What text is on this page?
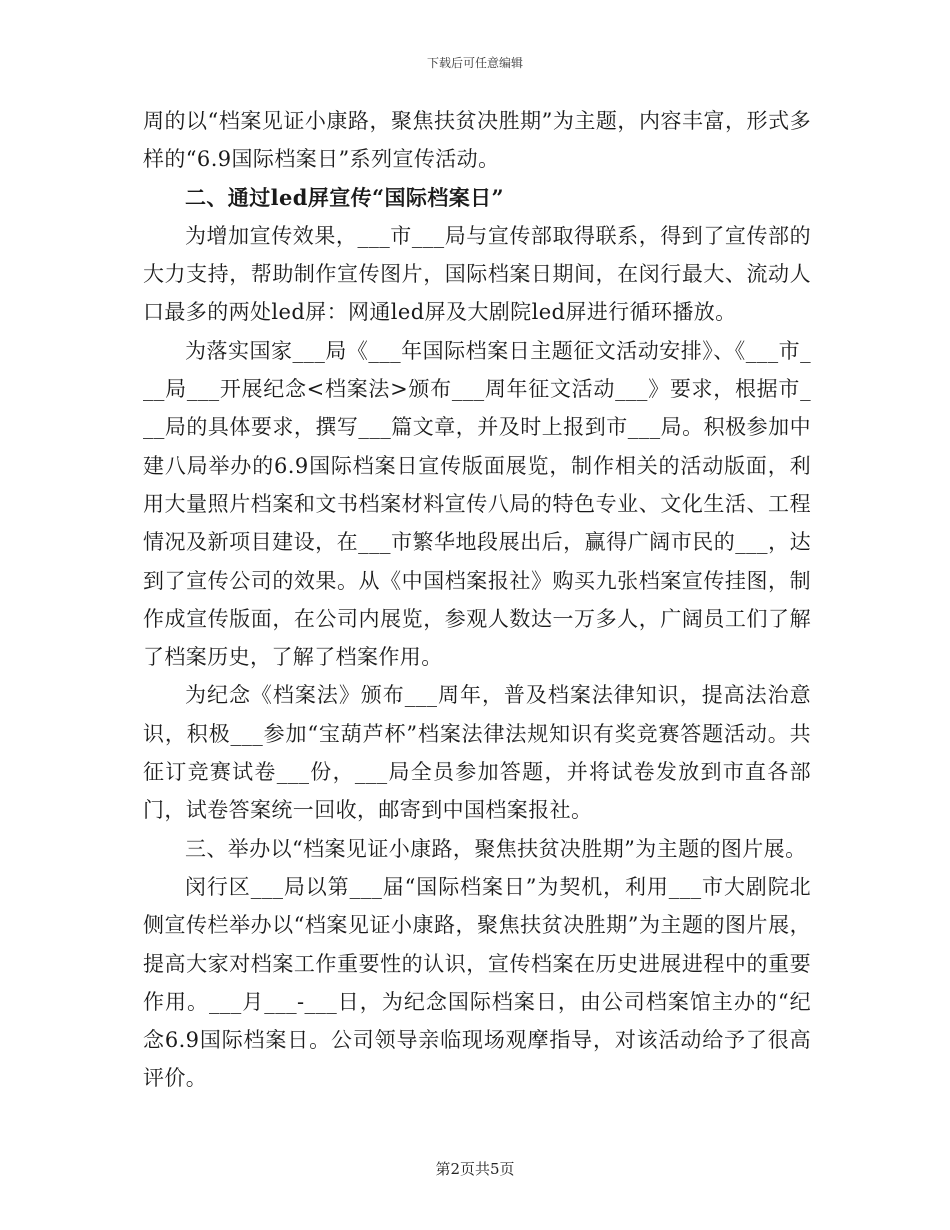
下载后可任意编辑

周的以“档案见证小康路，聚焦扶贫决胜期”为主题，内容丰富，形式多样的“6.9国际档案日”系列宣传活动。

二、通过led屏宣传“国际档案日”

为增加宣传效果，___市___局与宣传部取得联系，得到了宣传部的大力支持，帮助制作宣传图片，国际档案日期间，在闵行最大、流动人口最多的两处led屏：网通led屏及大剧院led屏进行循环播放。

为落实国家___局《___年国际档案日主题征文活动安排》、《___市___局___开展纪念<档案法>颁布___周年征文活动___》要求，根据市___局的具体要求，撰写___篇文章，并及时上报到市___局。积极参加中建八局举办的6.9国际档案日宣传版面展览，制作相关的活动版面，利用大量照片档案和文书档案材料宣传八局的特色专业、文化生活、工程情况及新项目建设，在___市繁华地段展出后，赢得广阔市民的___，达到了宣传公司的效果。从《中国档案报社》购买九张档案宣传挂图，制作成宣传版面，在公司内展览，参观人数达一万多人，广阔员工们了解了档案历史，了解了档案作用。

为纪念《档案法》颁布___周年，普及档案法律知识，提高法治意识，积极___参加“宝葫芦杯”档案法律法规知识有奖竞赛答题活动。共征订竞赛试卷___份，___局全员参加答题，并将试卷发放到市直各部门，试卷答案统一回收，邮寄到中国档案报社。

三、举办以“档案见证小康路，聚焦扶贫决胜期”为主题的图片展。

闵行区___局以第___届“国际档案日”为契机，利用___市大剧院北侧宣传栏举办以“档案见证小康路，聚焦扶贫决胜期”为主题的图片展，提高大家对档案工作重要性的认识，宣传档案在历史进展进程中的重要作用。___月___-___日，为纪念国际档案日，由公司档案馆主办的“纪念6.9国际档案日。公司领导亲临现场观摩指导，对该活动给予了很高评价。

第2页共5页
